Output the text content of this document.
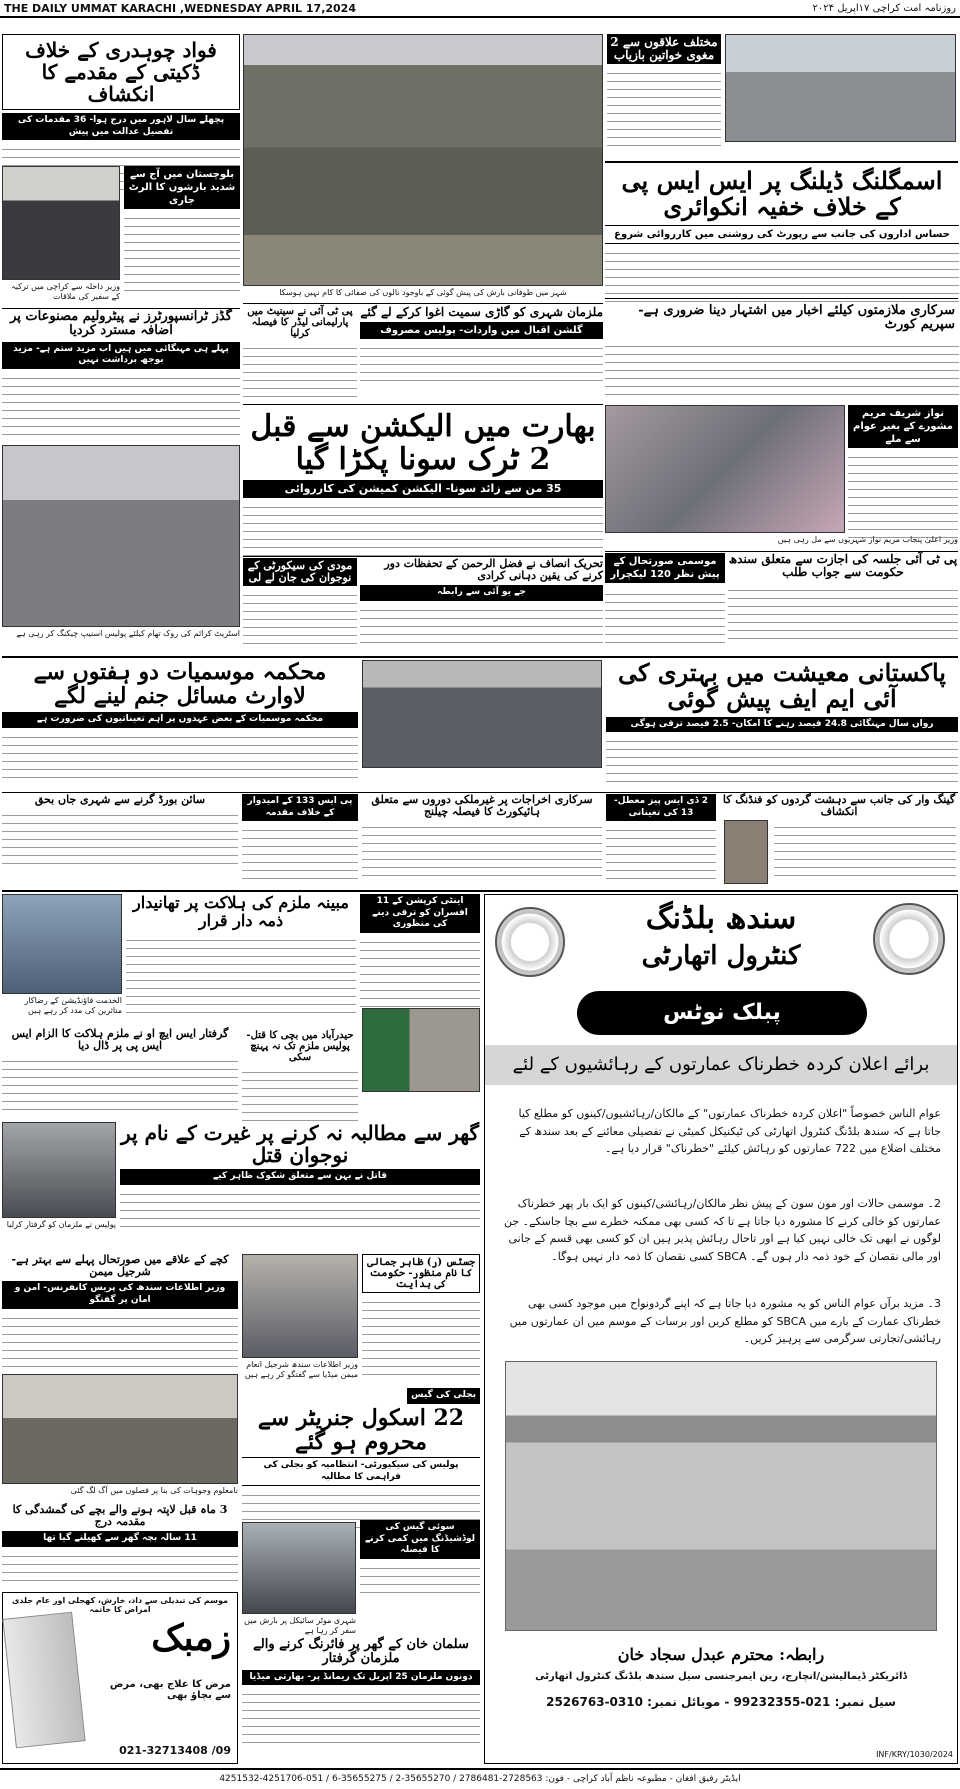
THE DAILY UMMAT KARACHI ,WEDNESDAY APRIL 17,2024	روزنامہ امت کراچی ۱۷اپریل ۲۰۲۴
مختلف علاقوں سے 2 مغوی خواتین بازیاب
اسمگلنگ ڈیلنگ پر ایس ایس پی کے خلاف خفیہ انکوائری
حساس اداروں کی جانب سے رپورٹ کی روشنی میں کارروائی شروع
سرکاری ملازمتوں کیلئے اخبار میں اشتہار دینا ضروری ہے- سپریم کورٹ
نواز شریف مریم مشورے کے بغیر عوام سے ملے
وزیر اعلیٰ پنجاب مریم نواز شہریوں سے مل رہی ہیں
پی ٹی آئی جلسہ کی اجازت سے متعلق سندھ حکومت سے جواب طلب
موسمی صورتحال کے پیش نظر 120 لیکچرار
شہر میں طوفانی بارش کی پیش گوئی کے باوجود نالوں کی صفائی کا کام نہیں ہوسکا
ملزمان شہری کو گاڑی سمیت اغوا کرکے لے گئے
گلشن اقبال میں واردات- پولیس مصروف
پی ٹی آئی نے سینیٹ میں پارلیمانی لیڈر کا فیصلہ کرلیا
بھارت میں الیکشن سے قبل 2 ٹرک سونا پکڑا گیا
35 من سے زائد سونا- الیکشن کمیشن کی کارروائی
مودی کی سیکورٹی کے نوجوان کی جان لے لی
تحریک انصاف نے فضل الرحمن کے تحفظات دور کرنے کی یقین دہانی کرادی
جے یو آئی سے رابطہ
فواد چوہدری کے خلاف ڈکیتی کے مقدمے کا انکشاف
پچھلے سال لاہور میں درج ہوا- 36 مقدمات کی تفصیل عدالت میں پیش
بلوچستان میں آج سے شدید بارشوں کا الرٹ جاری
وزیر داخلہ سے کراچی میں ترکیہ کے سفیر کی ملاقات
گڈز ٹرانسپورٹرز نے پیٹرولیم مصنوعات پر اضافہ مسترد کردیا
پہلے ہی مہنگائی میں ہیں اب مزید ستم ہے- مزید بوجھ برداشت نہیں
اسٹریٹ کرائم کی روک تھام کیلئے پولیس اسنیپ چیکنگ کر رہی ہے
محکمہ موسمیات دو ہفتوں سے لاوارث مسائل جنم لینے لگے
محکمہ موسمیات کے بعض عہدوں پر اہم تعیناتیوں کی ضرورت ہے
پاکستانی معیشت میں بہتری کی آئی ایم ایف پیش گوئی
رواں سال مہنگائی 24.8 فیصد رہنے کا امکان- 2.5 فیصد ترقی ہوگی
سائن بورڈ گرنے سے شہری جاں بحق	پی ایس 133 کے امیدوار کے خلاف مقدمہ
سرکاری اخراجات پر غیرملکی دوروں سے متعلق ہائیکورٹ کا فیصلہ چیلنج
2 ڈی ایس پیز معطل- 13 کی تعیناتی
گینگ وار کی جانب سے دہشت گردوں کو فنڈنگ کا انکشاف
الخدمت فاؤنڈیشن کے رضاکار متاثرین کی مدد کر رہے ہیں
مبینہ ملزم کی ہلاکت پر تھانیدار ذمہ دار قرار
اینٹی کرپشن کے 11 افسران کو ترقی دینے کی منظوری
گرفتار ایس ایچ او نے ملزم ہلاکت کا الزام ایس ایس پی پر ڈال دیا
حیدرآباد میں بچی کا قتل- پولیس ملزم تک نہ پہنچ سکی
گھر سے مطالبہ نہ کرنے پر غیرت کے نام پر نوجوان قتل
قاتل نے بہن سے متعلق شکوک ظاہر کیے
پولیس نے ملزمان کو گرفتار کرلیا
کچے کے علاقے میں صورتحال پہلے سے بہتر ہے- شرجیل میمن
وزیر اطلاعات سندھ کی پریس کانفرنس- امن و امان پر گفتگو
وزیر اطلاعات سندھ شرجیل انعام میمن میڈیا سے گفتگو کر رہے ہیں
جسٹس (ر) ظاہر جمالی کا نام منظور- حکومت کی ہدایت
نامعلوم وجوہات کی بنا پر فصلوں میں آگ لگ گئی
3 ماہ قبل لاپتہ ہونے والے بچے کی گمشدگی کا مقدمہ درج
11 سالہ بچہ گھر سے کھیلنے گیا تھا
بجلی کی گیس
22 اسکول جنریٹر سے محروم ہو گئے
پولیس کی سیکیورٹی- انتظامیہ کو بجلی کی فراہمی کا مطالبہ
سوئی گیس کی لوڈشیڈنگ میں کمی کرنے کا فیصلہ
شہری موٹر سائیکل پر بارش میں سفر کر رہا ہے
سلمان خان کے گھر پر فائرنگ کرنے والے ملزمان گرفتار
دونوں ملزمان 25 اپریل تک ریمانڈ پر- بھارتی میڈیا
موسم کی تبدیلی سے داد، خارش، کھجلی اور عام جلدی امراض کا خاتمہ
زمبک
مرض کا علاج بھی، مرض سے بچاؤ بھی
021-32713408 /09
سندھ بلڈنگ
کنٹرول اتھارٹی
پبلک نوٹس
برائے اعلان کردہ خطرناک عمارتوں کے رہائشیوں کے لئے
عوام الناس خصوصاً "اعلان کردہ خطرناک عمارتوں" کے مالکان/رہائشیوں/کینوں کو مطلع کیا جاتا ہے کہ سندھ بلڈنگ کنٹرول اتھارٹی کی ٹیکنیکل کمیٹی نے تفصیلی معائنے کے بعد سندھ کے مختلف اضلاع میں 722 عمارتوں کو رہائش کیلئے "خطرناک" قرار دیا ہے۔
2۔ موسمی حالات اور مون سون کے پیش نظر مالکان/رہائشی/کینوں کو ایک بار پھر خطرناک عمارتوں کو خالی کرنے کا مشورہ دیا جاتا ہے تا کہ کسی بھی ممکنہ خطرے سے بچا جاسکے۔ جن لوگوں نے ابھی تک خالی نہیں کیا ہے اور تاحال رہائش پذیر ہیں ان کو کسی بھی قسم کے جانی اور مالی نقصان کے خود ذمہ دار ہوں گے۔ SBCA کسی نقصان کا ذمہ دار نہیں ہوگا۔
3۔ مزید برآں عوام الناس کو یہ مشورہ دیا جاتا ہے کہ اپنے گردونواح میں موجود کسی بھی خطرناک عمارت کے بارے میں SBCA کو مطلع کریں اور برسات کے موسم میں ان عمارتوں میں رہائشی/تجارتی سرگرمی سے پرہیز کریں۔
رابطہ: محترم عبدل سجاد خان
ڈائریکٹر ڈیمالیشن/انچارج، رین ایمرجنسی سیل سندھ بلڈنگ کنٹرول اتھارٹی
سیل نمبر: 021-99232355 - موبائل نمبر: 0310-2526763
INF/KRY/1030/2024
ایڈیٹر رفیق افغان - مطبوعہ ناظم آباد کراچی - فون: 2728563-2786481 / 35655270-2 / 35655275-6 / 051-4251706-4251532
